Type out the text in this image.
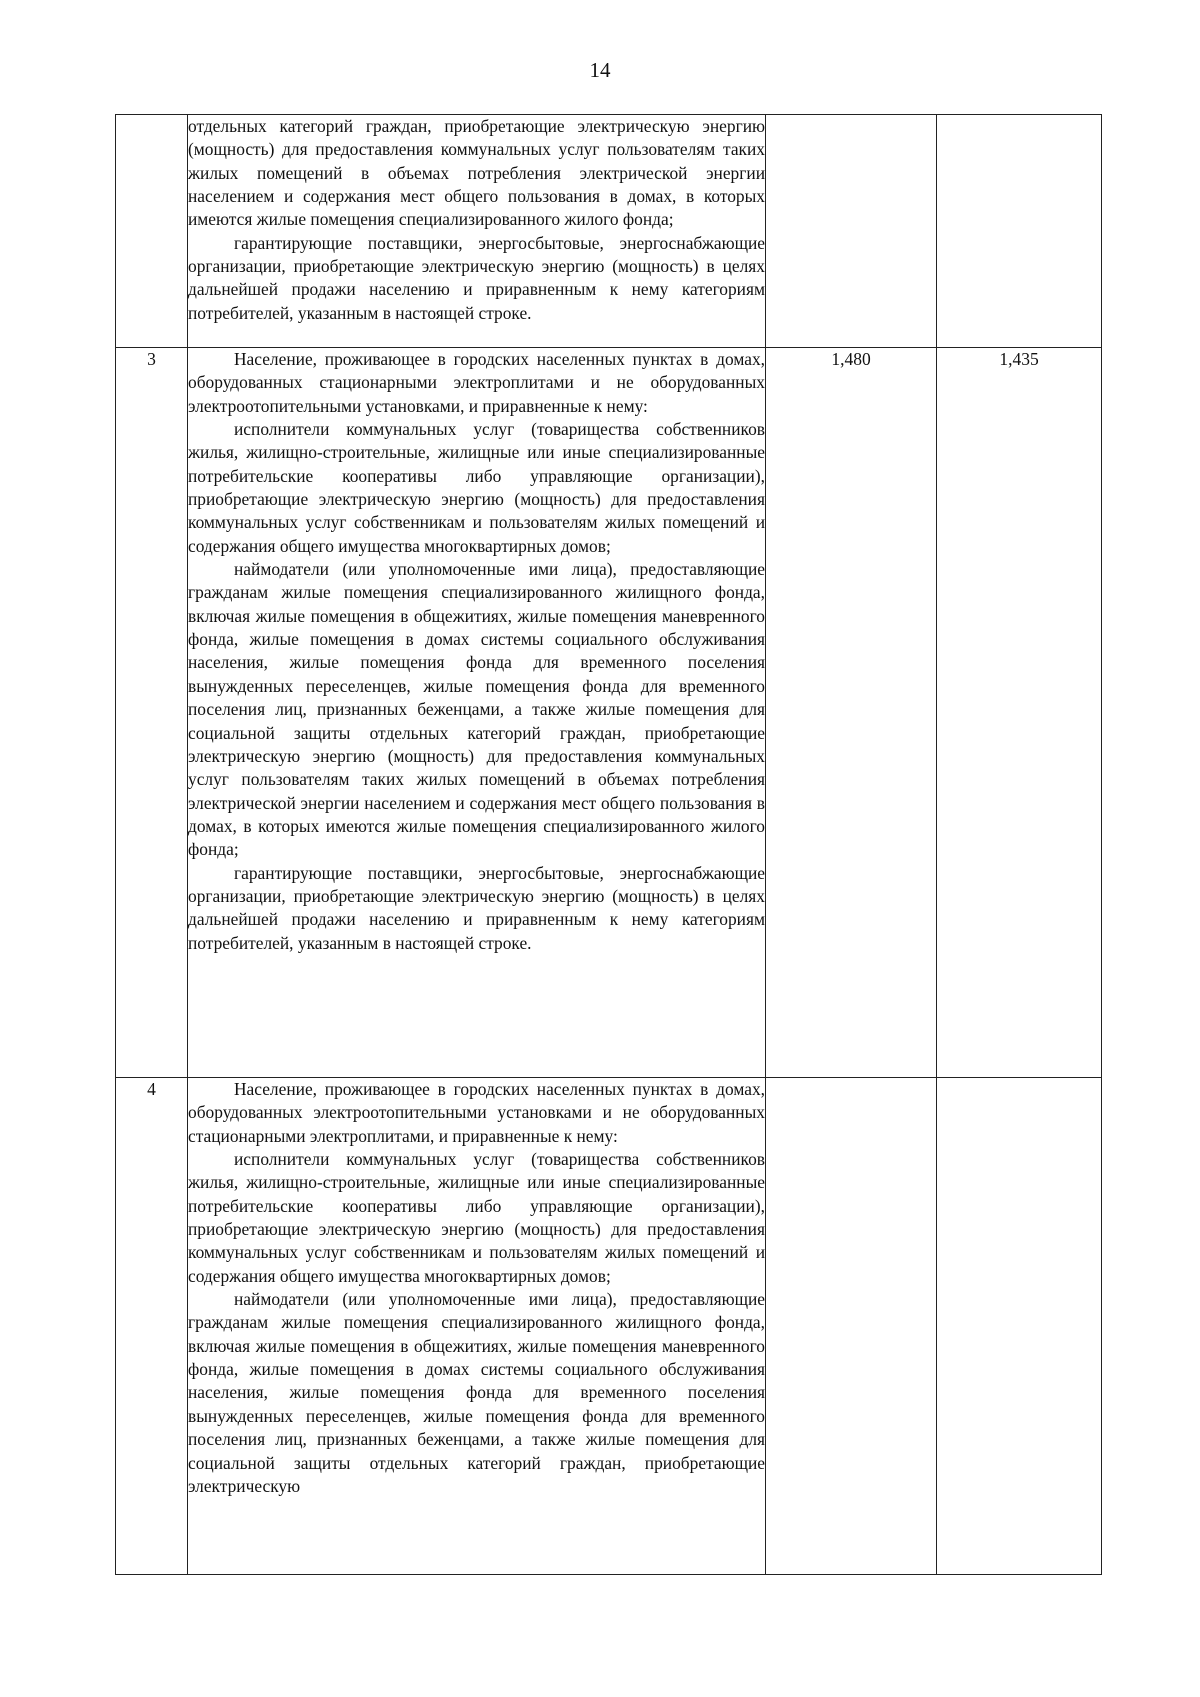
14

	отдельных категорий граждан, приобретающие электрическую энергию (мощность) для предоставления коммунальных услуг пользователям таких жилых помещений в объемах потребления электрической энергии населением и содержания мест общего пользования в домах, в которых имеются жилые помещения специализированного жилого фонда;

гарантирующие поставщики, энергосбытовые, энергоснабжающие организации, приобретающие электрическую энергию (мощность) в целях дальнейшей продажи населению и приравненным к нему категориям потребителей, указанным в настоящей строке.		

3	Население, проживающее в городских населенных пунктах в домах, оборудованных стационарными электроплитами и не оборудованных электроотопительными установками, и приравненные к нему:

исполнители коммунальных услуг (товарищества собственников жилья, жилищно-строительные, жилищные или иные специализированные потребительские кооперативы либо управляющие организации), приобретающие электрическую энергию (мощность) для предоставления коммунальных услуг собственникам и пользователям жилых помещений и содержания общего имущества многоквартирных домов;

наймодатели (или уполномоченные ими лица), предоставляющие гражданам жилые помещения специализированного жилищного фонда, включая жилые помещения в общежитиях, жилые помещения маневренного фонда, жилые помещения в домах системы социального обслуживания населения, жилые помещения фонда для временного поселения вынужденных переселенцев, жилые помещения фонда для временного поселения лиц, признанных беженцами, а также жилые помещения для социальной защиты отдельных категорий граждан, приобретающие электрическую энергию (мощность) для предоставления коммунальных услуг пользователям таких жилых помещений в объемах потребления электрической энергии населением и содержания мест общего пользования в домах, в которых имеются жилые помещения специализированного жилого фонда;

гарантирующие поставщики, энергосбытовые, энергоснабжающие организации, приобретающие электрическую энергию (мощность) в целях дальнейшей продажи населению и приравненным к нему категориям потребителей, указанным в настоящей строке.	1,480	1,435
4	Население, проживающее в городских населенных пунктах в домах, оборудованных электроотопительными установками и не оборудованных стационарными электроплитами, и приравненные к нему:

исполнители коммунальных услуг (товарищества собственников жилья, жилищно-строительные, жилищные или иные специализированные потребительские кооперативы либо управляющие организации), приобретающие электрическую энергию (мощность) для предоставления коммунальных услуг собственникам и пользователям жилых помещений и содержания общего имущества многоквартирных домов;

наймодатели (или уполномоченные ими лица), предоставляющие гражданам жилые помещения специализированного жилищного фонда, включая жилые помещения в общежитиях, жилые помещения маневренного фонда, жилые помещения в домах системы социального обслуживания населения, жилые помещения фонда для временного поселения вынужденных переселенцев, жилые помещения фонда для временного поселения лиц, признанных беженцами, а также жилые помещения для социальной защиты отдельных категорий граждан, приобретающие электрическую		
